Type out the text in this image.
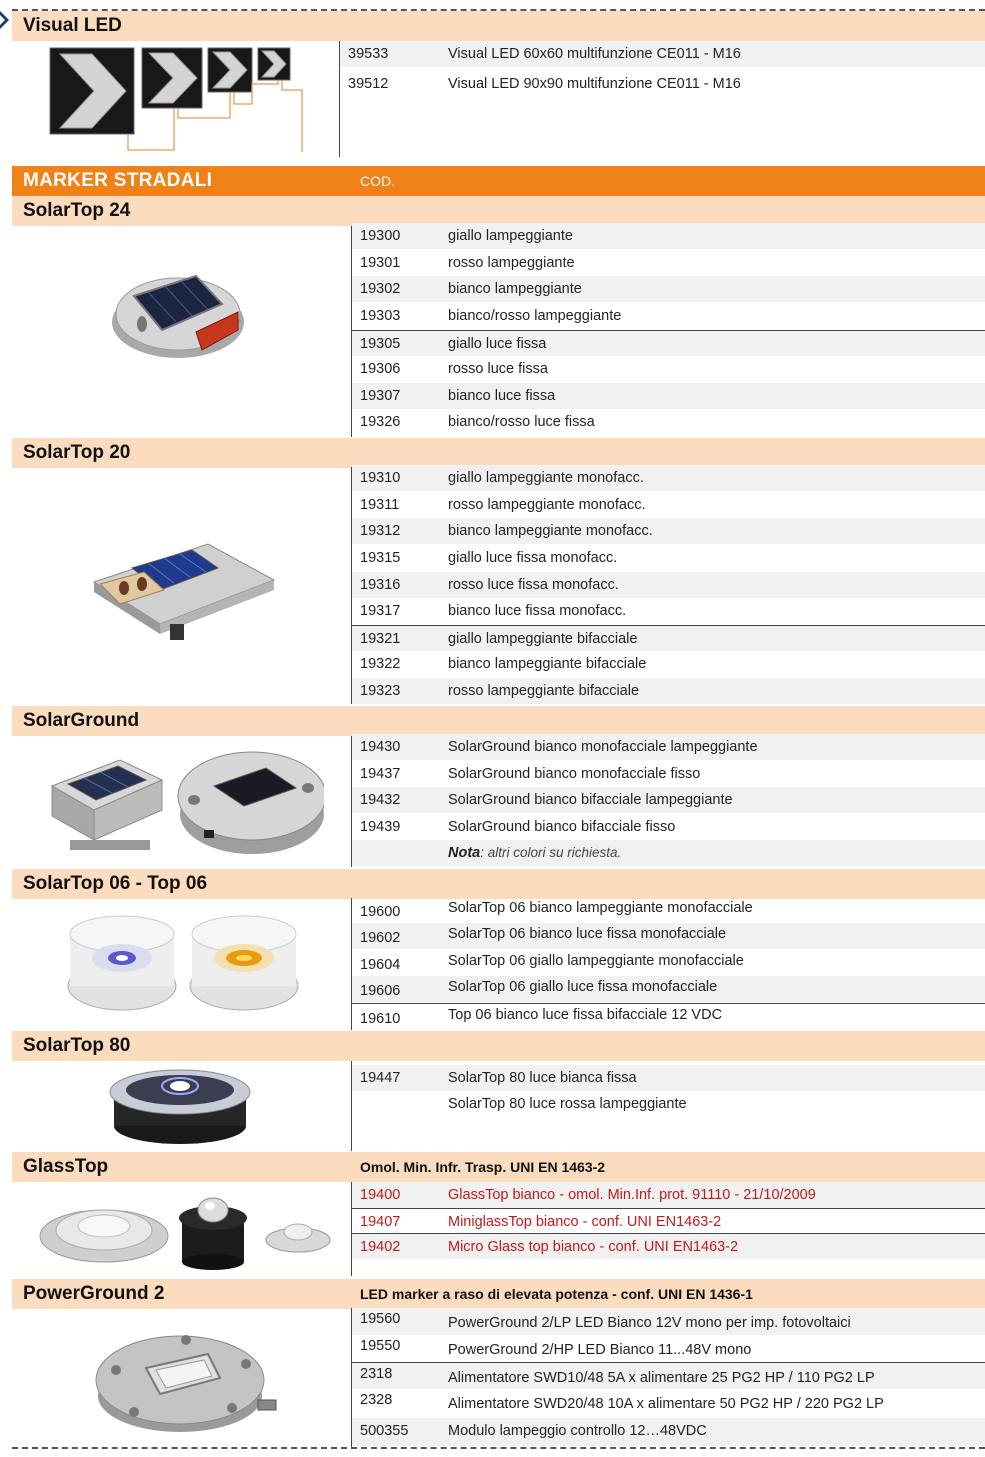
Visual LED
39533	Visual LED 60x60 multifunzione CE011 - M16
39512	Visual LED 90x90 multifunzione CE011 - M16
MARKER STRADALI	COD.
SolarTop 24
19300	giallo lampeggiante
19301	rosso lampeggiante
19302	bianco lampeggiante
19303	bianco/rosso lampeggiante
19305	giallo luce fissa
19306	rosso luce fissa
19307	bianco luce fissa
19326	bianco/rosso luce fissa
SolarTop 20
19310	giallo lampeggiante monofacc.
19311	rosso lampeggiante monofacc.
19312	bianco lampeggiante monofacc.
19315	giallo luce fissa monofacc.
19316	rosso luce fissa monofacc.
19317	bianco luce fissa monofacc.
19321	giallo lampeggiante bifacciale
19322	bianco lampeggiante bifacciale
19323	rosso lampeggiante bifacciale
SolarGround
19430	SolarGround bianco monofacciale lampeggiante
19437	SolarGround bianco monofacciale fisso
19432	SolarGround bianco bifacciale lampeggiante
19439	SolarGround bianco bifacciale fisso
Nota: altri colori su richiesta.
SolarTop 06 - Top 06
19600	SolarTop 06 bianco lampeggiante monofacciale
19602	SolarTop 06 bianco luce fissa monofacciale
19604	SolarTop 06 giallo lampeggiante monofacciale
19606	SolarTop 06 giallo luce fissa monofacciale
19610	Top 06 bianco luce fissa bifacciale 12 VDC
SolarTop 80
19447	SolarTop 80 luce bianca fissa
SolarTop 80 luce rossa lampeggiante
GlassTop	Omol. Min. Infr. Trasp. UNI EN 1463-2
19400	GlassTop bianco - omol. Min.Inf. prot. 91110 - 21/10/2009
19407	MiniglassTop bianco - conf. UNI EN1463-2
19402	Micro Glass top bianco - conf. UNI EN1463-2
PowerGround 2	LED marker a raso di elevata potenza - conf. UNI EN 1436-1
19560	PowerGround 2/LP LED Bianco 12V mono per imp. fotovoltaici
19550	PowerGround 2/HP LED Bianco 11...48V mono
2318	Alimentatore SWD10/48 5A x alimentare 25 PG2 HP / 110 PG2 LP
2328	Alimentatore SWD20/48 10A x alimentare 50 PG2 HP / 220 PG2 LP
500355	Modulo lampeggio controllo 12…48VDC
